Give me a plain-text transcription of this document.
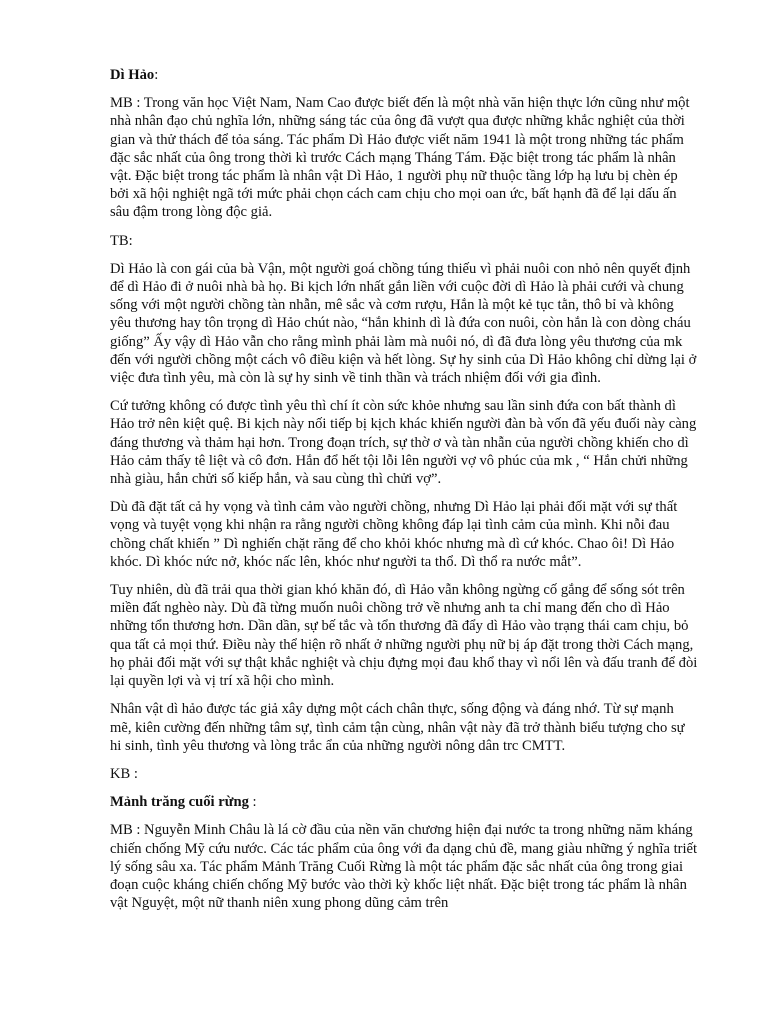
Dì Hảo:

MB : Trong văn học Việt Nam, Nam Cao được biết đến là một nhà văn hiện thực lớn cũng như một nhà nhân đạo chủ nghĩa lớn, những sáng tác của ông đã vượt qua được những khắc nghiệt của thời gian và thử thách để tỏa sáng. Tác phẩm Dì Hảo được viết năm 1941 là một trong những tác phẩm đặc sắc nhất của ông trong thời kì trước Cách mạng Tháng Tám. Đặc biệt trong tác phẩm là nhân vật. Đặc biệt trong tác phẩm là nhân vật Dì Hảo, 1 người phụ nữ thuộc tầng lớp hạ lưu bị chèn ép bởi xã hội nghiệt ngã tới mức phải chọn cách cam chịu cho mọi oan ức, bất hạnh đã để lại dấu ấn sâu đậm trong lòng độc giả.

TB:

Dì Hảo là con gái của bà Vận, một người goá chồng túng thiếu vì phải nuôi con nhỏ nên quyết định để dì Hảo đi ở nuôi nhà bà họ. Bi kịch lớn nhất gắn liền với cuộc đời dì Hảo là phải cưới và chung sống với một người chồng tàn nhẫn, mê sắc và cơm rượu, Hắn là một kẻ tục tằn, thô bỉ và không yêu thương hay tôn trọng dì Hảo chút nào, “hắn khinh dì là đứa con nuôi, còn hắn là con dòng cháu giống” Ấy vậy dì Hảo vẫn cho rằng mình phải làm mà nuôi nó, dì đã đưa lòng yêu thương của mk đến với người chồng một cách vô điều kiện và hết lòng. Sự hy sinh của Dì Hảo không chỉ dừng lại ở việc đưa tình yêu, mà còn là sự hy sinh về tinh thần và trách nhiệm đối với gia đình.

Cứ tưởng không có được tình yêu thì chí ít còn sức khỏe nhưng sau lần sinh đứa con bất thành dì Hảo trở nên kiệt quệ. Bi kịch này nối tiếp bị kịch khác khiến người đàn bà vốn đã yếu đuối này càng đáng thương và thảm hại hơn. Trong đoạn trích, sự thờ ơ và tàn nhẫn của người chồng khiến cho dì Hảo cảm thấy tê liệt và cô đơn. Hắn đổ hết tội lỗi lên người vợ vô phúc của mk , “ Hắn chửi những nhà giàu, hắn chửi số kiếp hắn, và sau cùng thì chửi vợ”.

Dù đã đặt tất cả hy vọng và tình cảm vào người chồng, nhưng Dì Hảo lại phải đối mặt với sự thất vọng và tuyệt vọng khi nhận ra rằng người chồng không đáp lại tình cảm của mình. Khi nỗi đau chồng chất khiến ” Dì nghiến chặt răng để cho khỏi khóc nhưng mà dì cứ khóc. Chao ôi! Dì Hảo khóc. Dì khóc nức nở, khóc nấc lên, khóc như người ta thổ. Dì thổ ra nước mắt”.

Tuy nhiên, dù đã trải qua thời gian khó khăn đó, dì Hảo vẫn không ngừng cố gắng để sống sót trên miền đất nghèo này. Dù đã từng muốn nuôi chồng trở về nhưng anh ta chỉ mang đến cho dì Hảo những tổn thương hơn. Dần dần, sự bế tắc và tổn thương đã đẩy dì Hảo vào trạng thái cam chịu, bỏ qua tất cả mọi thứ. Điều này thể hiện rõ nhất ở những người phụ nữ bị áp đặt trong thời Cách mạng, họ phải đối mặt với sự thật khắc nghiệt và chịu đựng mọi đau khổ thay vì nổi lên và đấu tranh để đòi lại quyền lợi và vị trí xã hội cho mình.

Nhân vật dì hảo được tác giả xây dựng một cách chân thực, sống động và đáng nhớ. Từ sự mạnh mẽ, kiên cường đến những tâm sự, tình cảm tận cùng, nhân vật này đã trở thành biểu tượng cho sự hi sinh, tình yêu thương và lòng trắc ẩn của những người nông dân trc CMTT.

KB :

Mảnh trăng cuối rừng :

MB : Nguyễn Minh Châu là lá cờ đầu của nền văn chương hiện đại nước ta trong những năm kháng chiến chống Mỹ cứu nước. Các tác phẩm của ông với đa dạng chủ đề, mang giàu những ý nghĩa triết lý sống sâu xa. Tác phẩm Mảnh Trăng Cuối Rừng là một tác phẩm đặc sắc nhất của ông trong giai đoạn cuộc kháng chiến chống Mỹ bước vào thời kỳ khốc liệt nhất. Đặc biệt trong tác phẩm là nhân vật Nguyệt, một nữ thanh niên xung phong dũng cảm trên
